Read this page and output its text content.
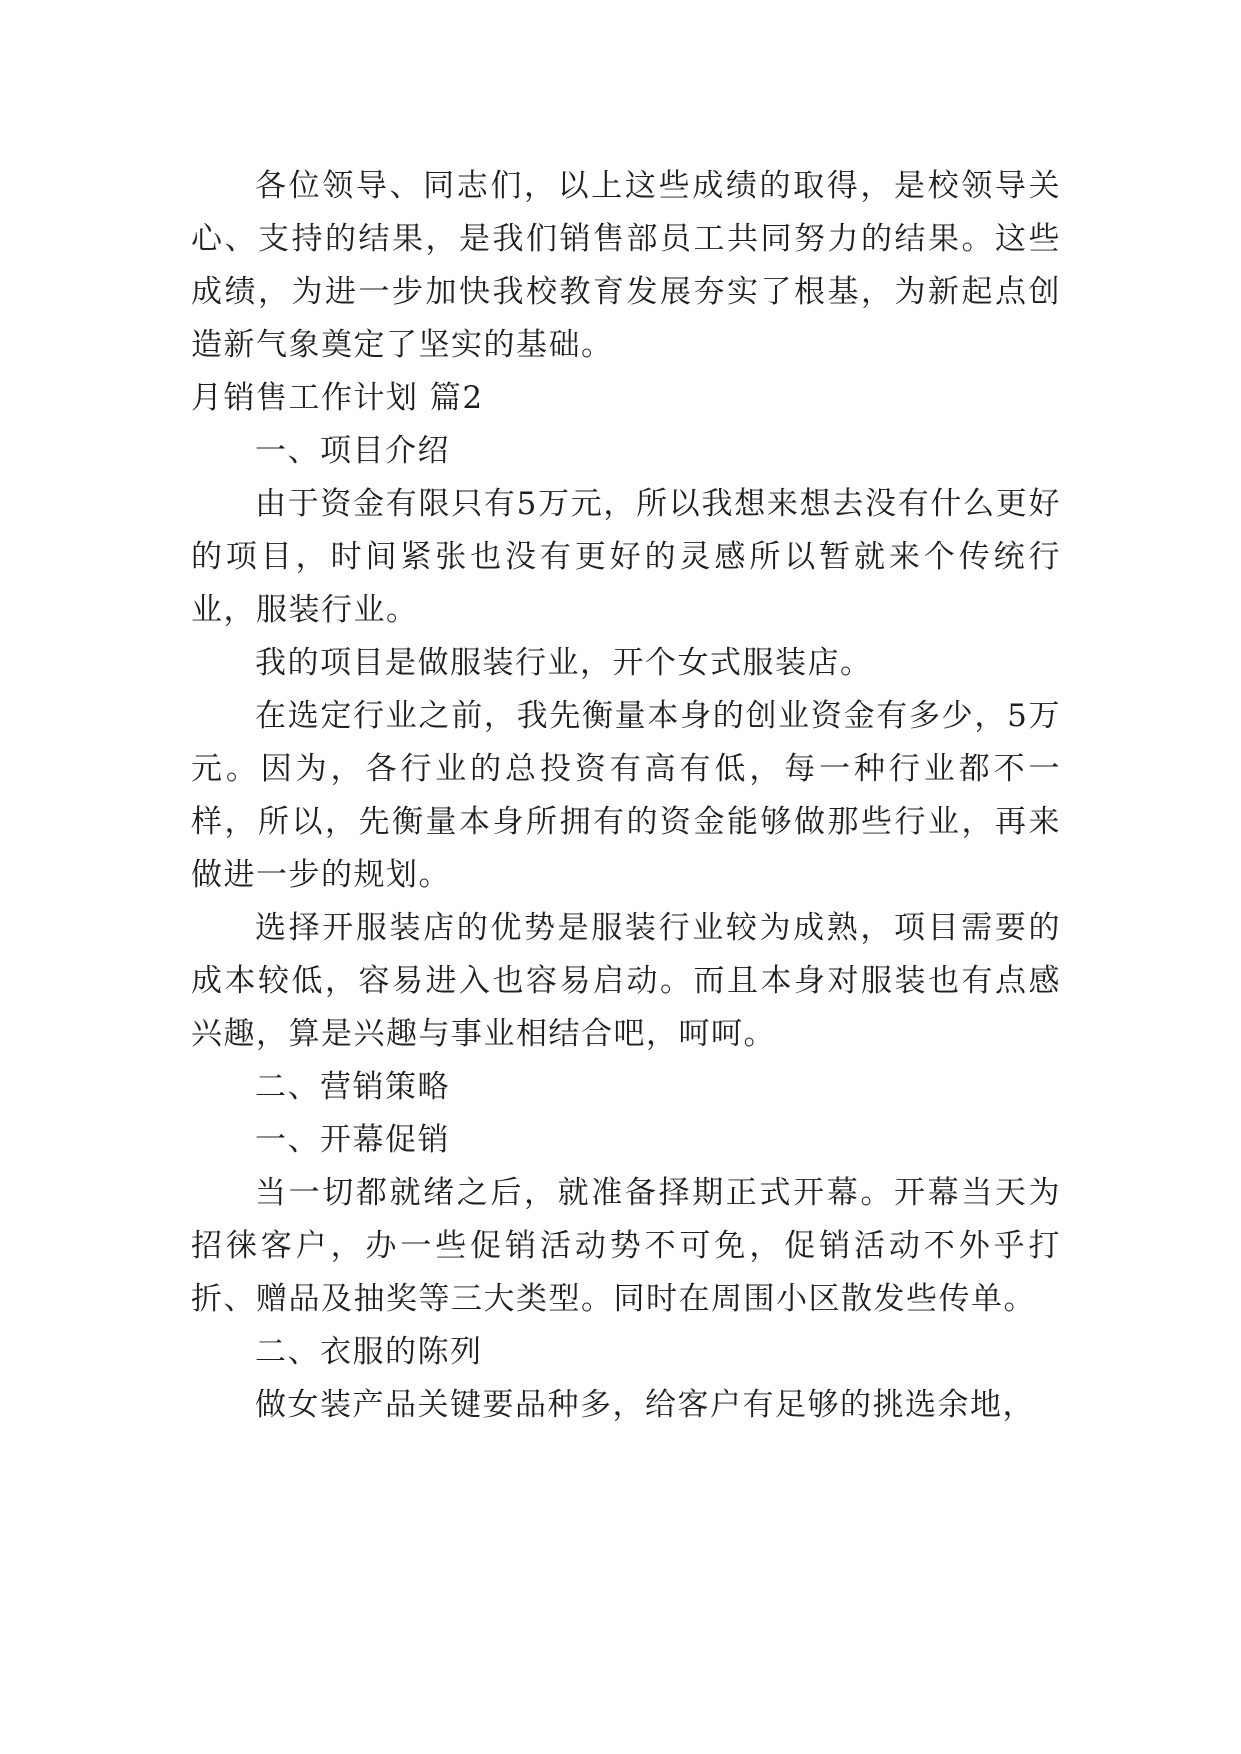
各位领导、同志们，以上这些成绩的取得，是校领导关心、支持的结果，是我们销售部员工共同努力的结果。这些成绩，为进一步加快我校教育发展夯实了根基，为新起点创造新气象奠定了坚实的基础。

月销售工作计划 篇2

一、项目介绍

由于资金有限只有5万元，所以我想来想去没有什么更好的项目，时间紧张也没有更好的灵感所以暂就来个传统行业，服装行业。

我的项目是做服装行业，开个女式服装店。

在选定行业之前，我先衡量本身的创业资金有多少，5万元。因为，各行业的总投资有高有低，每一种行业都不一样，所以，先衡量本身所拥有的资金能够做那些行业，再来做进一步的规划。

选择开服装店的优势是服装行业较为成熟，项目需要的成本较低，容易进入也容易启动。而且本身对服装也有点感兴趣，算是兴趣与事业相结合吧，呵呵。

二、营销策略

一、开幕促销

当一切都就绪之后，就准备择期正式开幕。开幕当天为招徕客户，办一些促销活动势不可免，促销活动不外乎打折、赠品及抽奖等三大类型。同时在周围小区散发些传单。

二、衣服的陈列

做女装产品关键要品种多，给客户有足够的挑选余地，
